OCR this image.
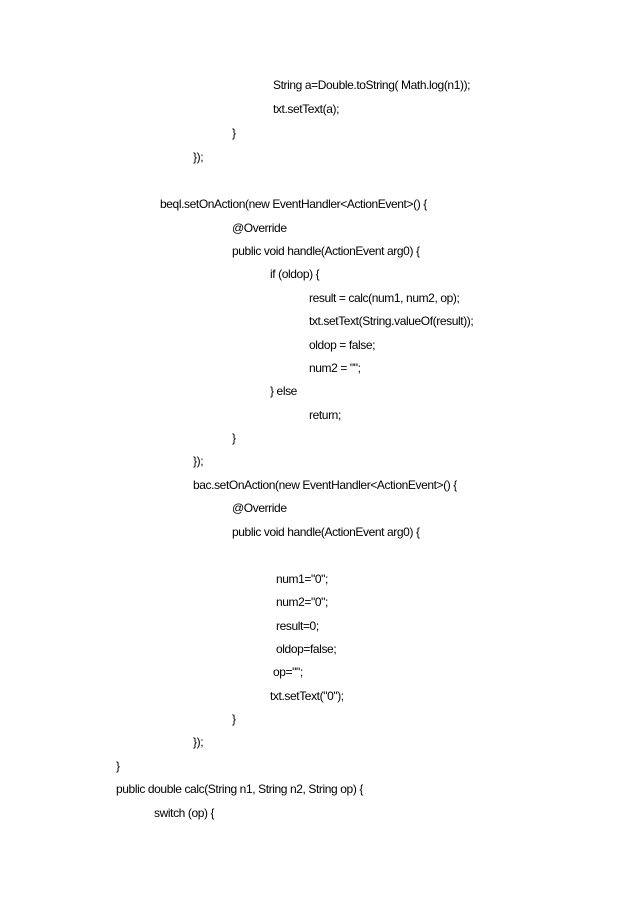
String a=Double.toString( Math.log(n1));

txt.setText(a);

}

});

beql.setOnAction(new EventHandler<ActionEvent>() {

@Override

public void handle(ActionEvent arg0) {

if (oldop) {

result = calc(num1, num2, op);

txt.setText(String.valueOf(result));

oldop = false;

num2 = "";

} else

return;

}

});

bac.setOnAction(new EventHandler<ActionEvent>() {

@Override

public void handle(ActionEvent arg0) {

num1="0";

num2="0";

result=0;

oldop=false;

op="";

txt.setText("0");

}

});

}

public double calc(String n1, String n2, String op) {

switch (op) {
